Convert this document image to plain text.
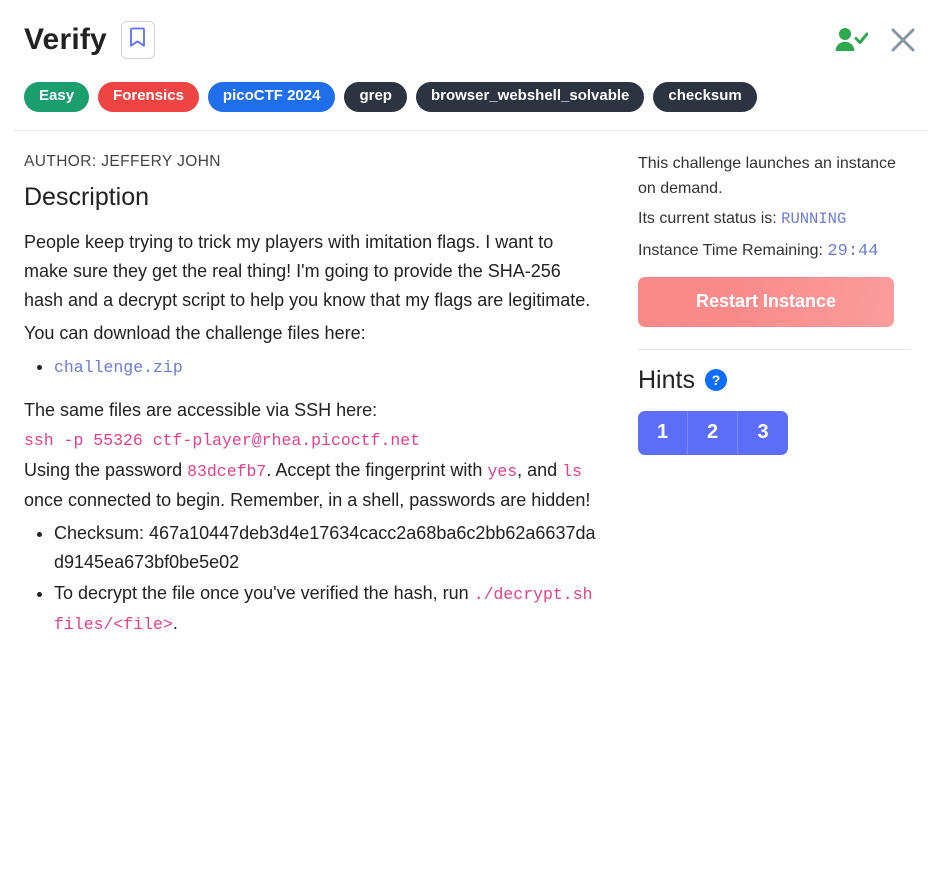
Verify
Easy	Forensics	picoCTF 2024	grep	browser_webshell_solvable	checksum
AUTHOR: JEFFERY JOHN
Description

People keep trying to trick my players with imitation flags. I want to make sure they get the real thing! I'm going to provide the SHA-256 hash and a decrypt script to help you know that my flags are legitimate.

You can download the challenge files here:

• challenge.zip

The same files are accessible via SSH here:

ssh -p 55326 ctf-player@rhea.picoctf.net

Using the password 83dcefb7. Accept the fingerprint with yes, and ls once connected to begin. Remember, in a shell, passwords are hidden!

• Checksum: 467a10447deb3d4e17634cacc2a68ba6c2bb62a6637dad9145ea673bf0be5e02
• To decrypt the file once you've verified the hash, run ./decrypt.sh files/<file>.

This challenge launches an instance on demand.

Its current status is: RUNNING

Instance Time Remaining: 29:44

Restart Instance
Hints	?
1	2	3
